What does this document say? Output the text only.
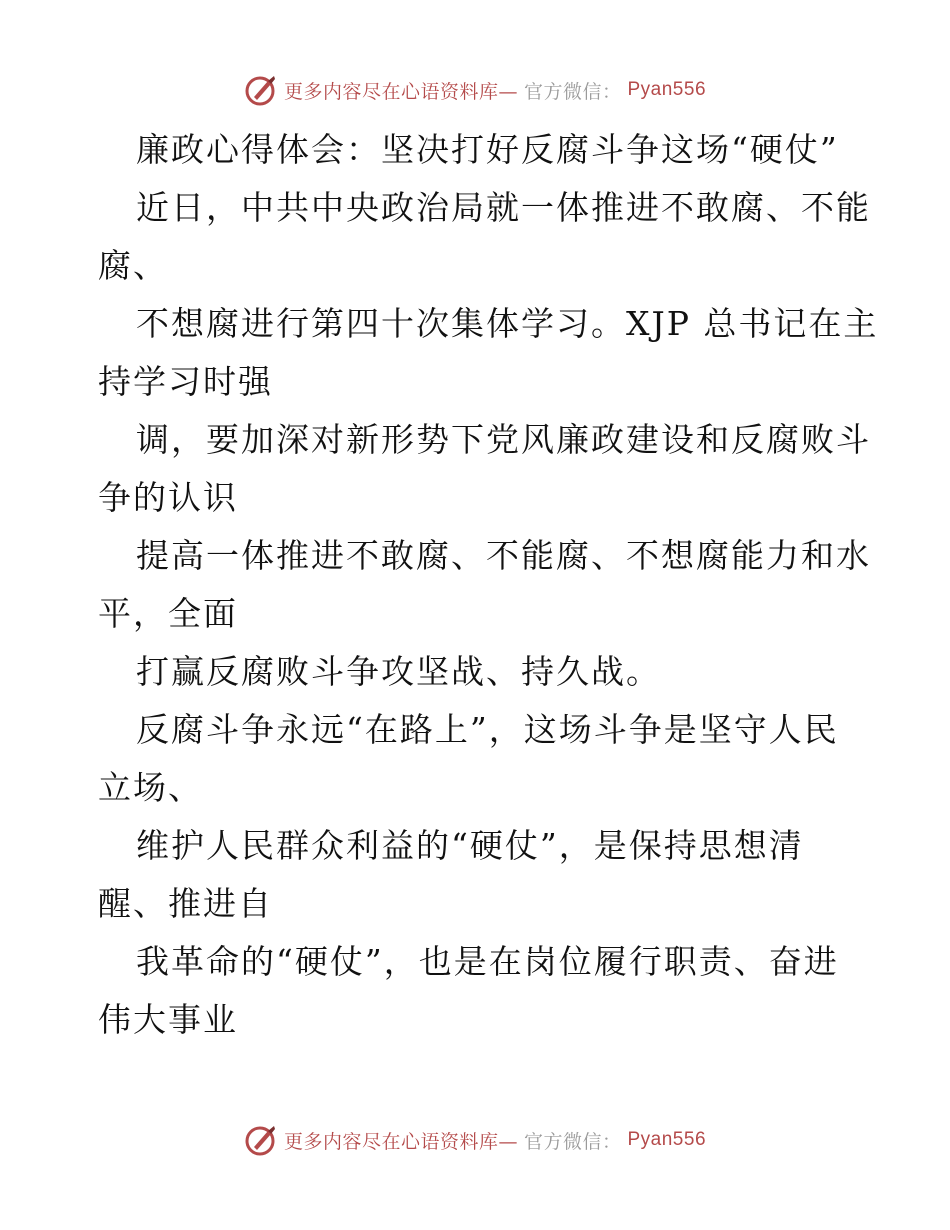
更多内容尽在心语资料库— 官方微信： Pyan556
廉政心得体会：坚决打好反腐斗争这场“硬仗”
近日，中共中央政治局就一体推进不敢腐、不能
腐、
不想腐进行第四十次集体学习。XJP 总书记在主
持学习时强
调，要加深对新形势下党风廉政建设和反腐败斗
争的认识
提高一体推进不敢腐、不能腐、不想腐能力和水
平，全面
打赢反腐败斗争攻坚战、持久战。
反腐斗争永远“在路上”，这场斗争是坚守人民
立场、
维护人民群众利益的“硬仗”，是保持思想清
醒、推进自
我革命的“硬仗”，也是在岗位履行职责、奋进
伟大事业
更多内容尽在心语资料库— 官方微信： Pyan556
